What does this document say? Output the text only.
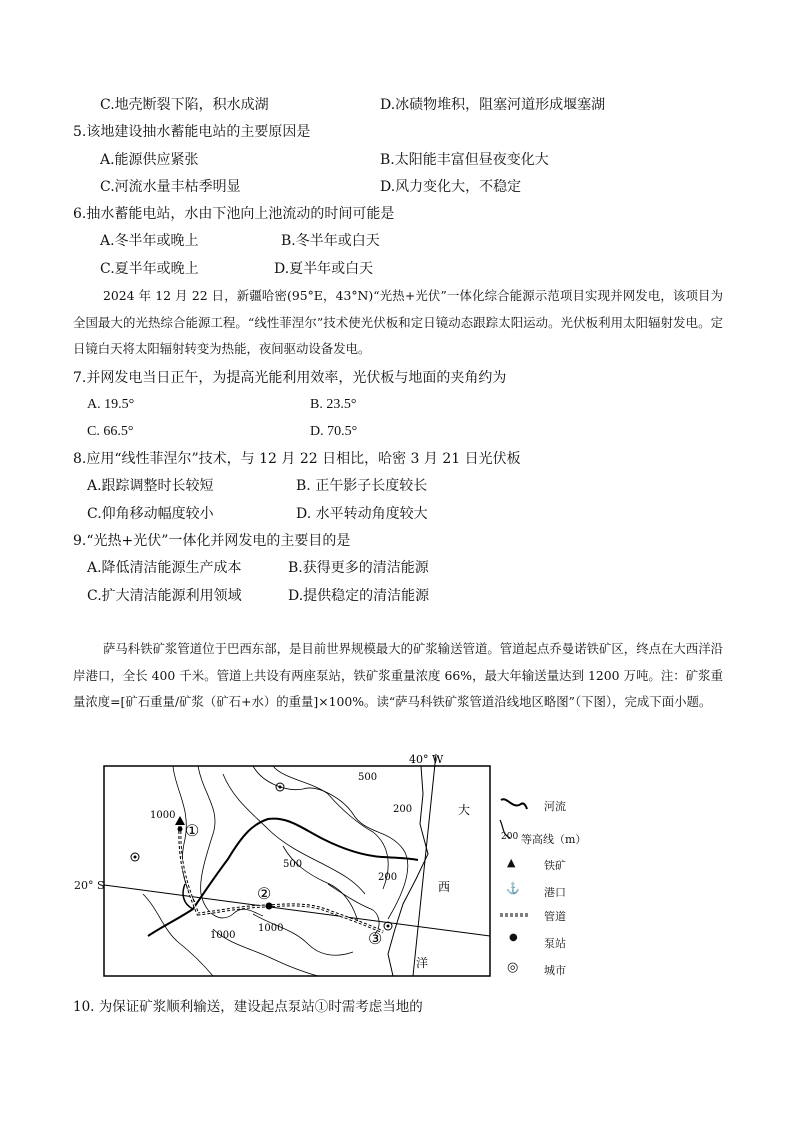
C.地壳断裂下陷，积水成湖	D.冰碛物堆积，阻塞河道形成堰塞湖
5.该地建设抽水蓄能电站的主要原因是
A.能源供应紧张	B.太阳能丰富但昼夜变化大
C.河流水量丰枯季明显	D.风力变化大，不稳定
6.抽水蓄能电站，水由下池向上池流动的时间可能是
A.冬半年或晚上	B.冬半年或白天
C.夏半年或晚上	D.夏半年或白天
2024 年 12 月 22 日，新疆哈密(95°E，43°N)“光热+光伏”一体化综合能源示范项目实现并网发电，该项目为全国最大的光热综合能源工程。“线性菲涅尔”技术使光伏板和定日镜动态跟踪太阳运动。光伏板利用太阳辐射发电。定日镜白天将太阳辐射转变为热能，夜间驱动设备发电。
7.并网发电当日正午，为提高光能利用效率，光伏板与地面的夹角约为
A. 19.5°	B. 23.5°
C. 66.5°	D. 70.5°
8.应用“线性菲涅尔”技术，与 12 月 22 日相比，哈密 3 月 21 日光伏板
A.跟踪调整时长较短	B. 正午影子长度较长
C.仰角移动幅度较小	D. 水平转动角度较大
9.“光热+光伏”一体化并网发电的主要目的是
A.降低清洁能源生产成本	B.获得更多的清洁能源
C.扩大清洁能源利用领域	D.提供稳定的清洁能源
萨马科铁矿浆管道位于巴西东部，是目前世界规模最大的矿浆输送管道。管道起点乔曼诺铁矿区，终点在大西洋沿岸港口，全长 400 千米。管道上共设有两座泵站，铁矿浆重量浓度 66%，最大年输送量达到 1200 万吨。注：矿浆重量浓度=[矿石重量/矿浆（矿石+水）的重量]×100%。读“萨马科铁矿浆管道沿线地区略图”（下图），完成下面小题。
40° W
①
②
③
500
1000
200
500
1000
200
1000
大
西
洋
20° S
河流
200 等高线（m）
▲	铁矿
⚓ 港口
管道
● 泵站
◎ 城市
10. 为保证矿浆顺利输送，建设起点泵站①时需考虑当地的
